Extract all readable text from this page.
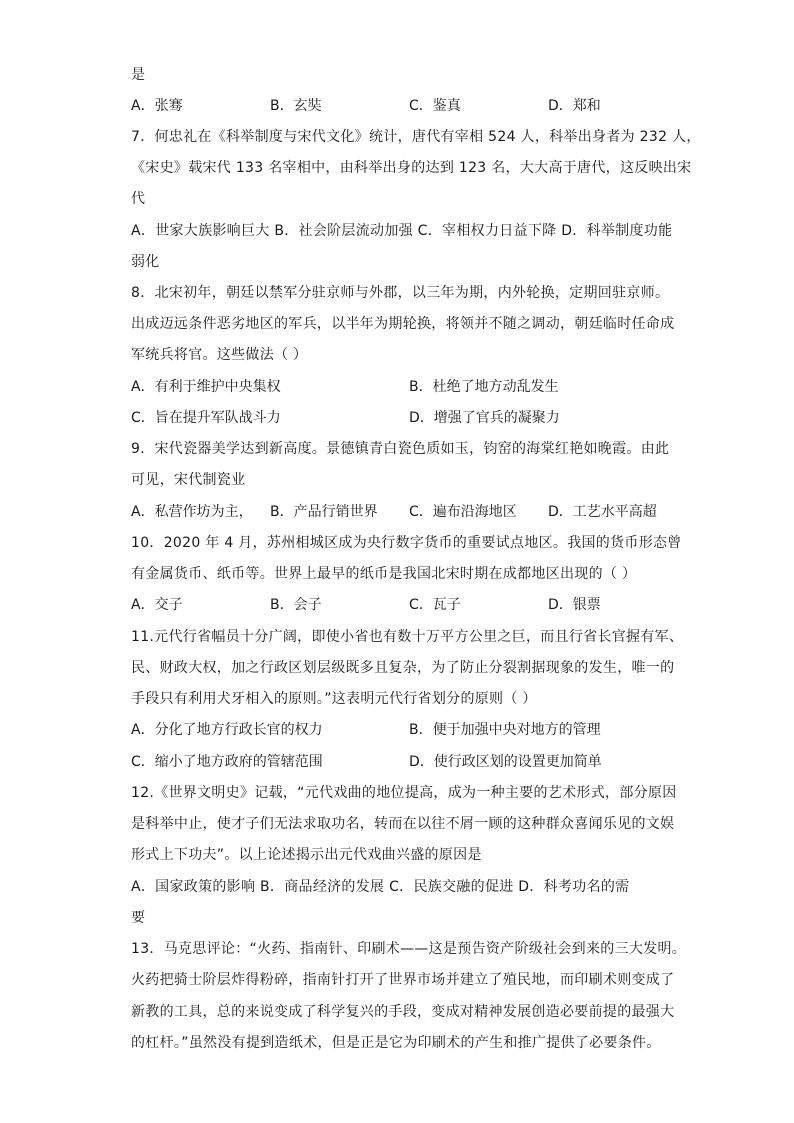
是
A．张骞	B．玄奘	C．鉴真	D．郑和
7．何忠礼在《科举制度与宋代文化》统计，唐代有宰相 524 人，科举出身者为 232 人，
《宋史》载宋代 133 名宰相中，由科举出身的达到 123 名，大大高于唐代，这反映出宋
代
A．世家大族影响巨大 B．社会阶层流动加强 C．宰相权力日益下降 D．科举制度功能
弱化
8．北宋初年，朝廷以禁军分驻京师与外郡，以三年为期，内外轮换，定期回驻京师。
出成迈远条件恶劣地区的军兵，以半年为期轮换，将领并不随之调动，朝廷临时任命成
军统兵将官。这些做法（ ）
A．有利于维护中央集权	B．杜绝了地方动乱发生
C．旨在提升军队战斗力	D．增强了官兵的凝聚力
9．宋代瓷器美学达到新高度。景德镇青白瓷色质如玉，钧窑的海棠红艳如晚霞。由此
可见，宋代制瓷业
A．私营作坊为主， B．产品行销世界 C．遍布沿海地区 D．工艺水平高超
10．2020 年 4 月，苏州相城区成为央行数字货币的重要试点地区。我国的货币形态曾
有金属货币、纸币等。世界上最早的纸币是我国北宋时期在成都地区出现的（ ）
A．交子	B．会子	C．瓦子	D．银票
11.元代行省幅员十分广阔，即使小省也有数十万平方公里之巨，而且行省长官握有军、
民、财政大权，加之行政区划层级既多且复杂，为了防止分裂割据现象的发生，唯一的
手段只有利用犬牙相入的原则。”这表明元代行省划分的原则（ ）
A．分化了地方行政长官的权力	B．便于加强中央对地方的管理
C．缩小了地方政府的管辖范围	D．使行政区划的设置更加简单
12.《世界文明史》记载，“元代戏曲的地位提高，成为一种主要的艺术形式，部分原因
是科举中止，使才子们无法求取功名，转而在以往不屑一顾的这种群众喜闻乐见的文娱
形式上下功夫”。以上论述揭示出元代戏曲兴盛的原因是
A．国家政策的影响 B．商品经济的发展 C．民族交融的促进 D．科考功名的需
要
13．马克思评论：“火药、指南针、印刷术——这是预告资产阶级社会到来的三大发明。
火药把骑士阶层炸得粉碎，指南针打开了世界市场并建立了殖民地，而印刷术则变成了
新教的工具，总的来说变成了科学复兴的手段，变成对精神发展创造必要前提的最强大
的杠杆。”虽然没有提到造纸术，但是正是它为印刷术的产生和推广提供了必要条件。
